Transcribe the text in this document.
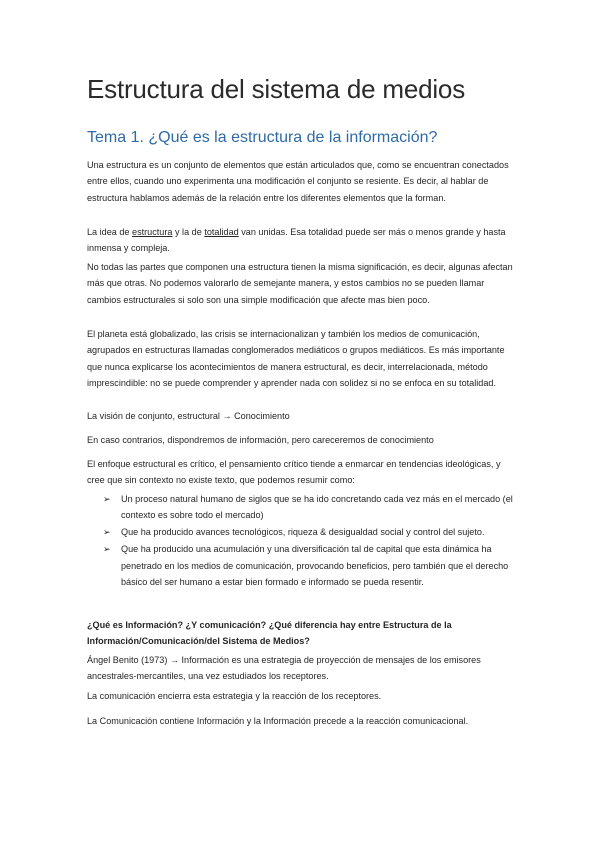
Estructura del sistema de medios
Tema 1. ¿Qué es la estructura de la información?
Una estructura es un conjunto de elementos que están articulados que, como se encuentran conectados entre ellos, cuando uno experimenta una modificación el conjunto se resiente. Es decir, al hablar de estructura hablamos además de la relación entre los diferentes elementos que la forman.
La idea de estructura y la de totalidad van unidas. Esa totalidad puede ser más o menos grande y hasta inmensa y compleja.
No todas las partes que componen una estructura tienen la misma significación, es decir, algunas afectan más que otras. No podemos valorarlo de semejante manera, y estos cambios no se pueden llamar cambios estructurales si solo son una simple modificación que afecte mas bien poco.
El planeta está globalizado, las crisis se internacionalizan y también los medios de comunicación, agrupados en estructuras llamadas conglomerados mediáticos o grupos mediáticos. Es más importante que nunca explicarse los acontecimientos de manera estructural, es decir, interrelacionada, método imprescindible: no se puede comprender y aprender nada con solidez si no se enfoca en su totalidad.
La visión de conjunto, estructural → Conocimiento
En caso contrarios, dispondremos de información, pero careceremos de conocimiento
El enfoque estructural es crítico, el pensamiento crítico tiende a enmarcar en tendencias ideológicas, y cree que sin contexto no existe texto, que podemos resumir como:
➢ Un proceso natural humano de siglos que se ha ido concretando cada vez más en el mercado (el contexto es sobre todo el mercado)
➢ Que ha producido avances tecnológicos, riqueza & desigualdad social y control del sujeto.
➢ Que ha producido una acumulación y una diversificación tal de capital que esta dinámica ha penetrado en los medios de comunicación, provocando beneficios, pero también que el derecho básico del ser humano a estar bien formado e informado se pueda resentir.
¿Qué es Información? ¿Y comunicación? ¿Qué diferencia hay entre Estructura de la Información/Comunicación/del Sistema de Medios?
Ángel Benito (1973) → Información es una estrategia de proyección de mensajes de los emisores ancestrales-mercantiles, una vez estudiados los receptores.
La comunicación encierra esta estrategia y la reacción de los receptores.
La Comunicación contiene Información y la Información precede a la reacción comunicacional.
